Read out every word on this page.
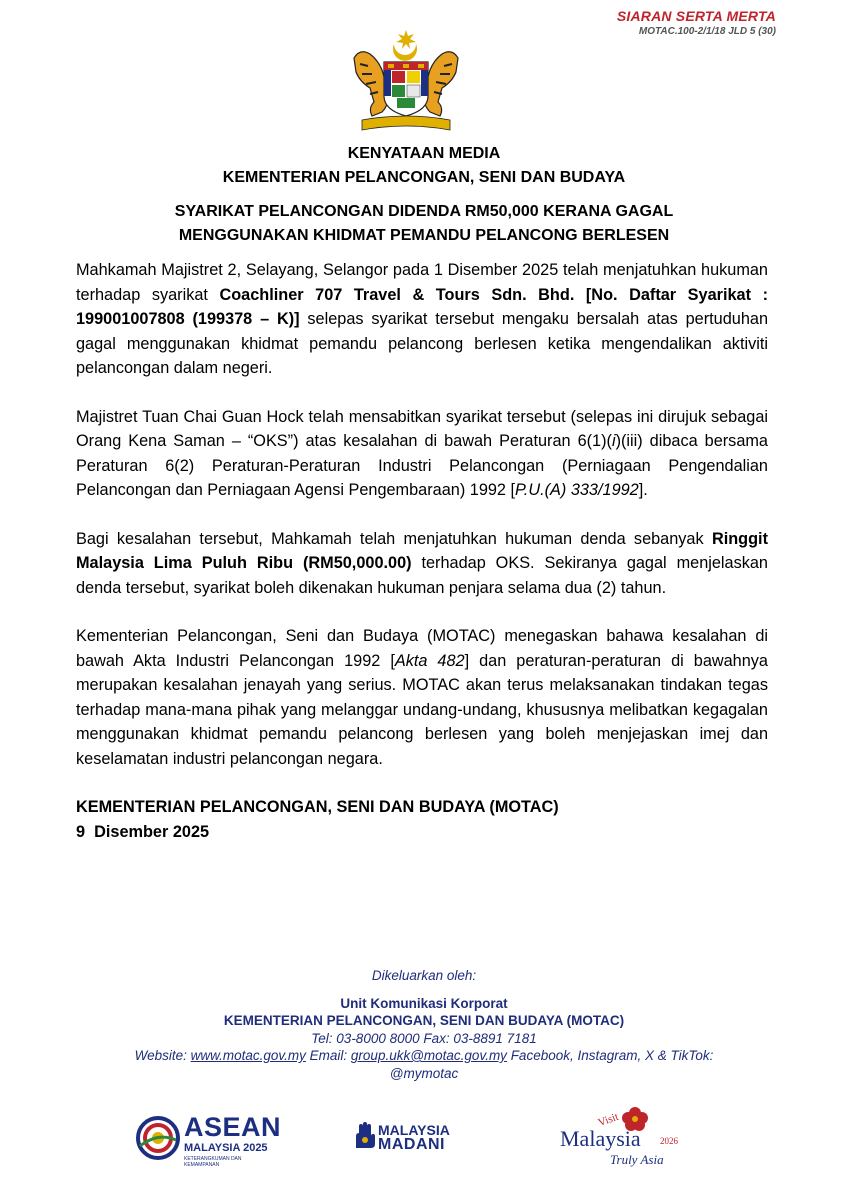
SIARAN SERTA MERTA
MOTAC.100-2/1/18 JLD 5 (30)
KENYATAAN MEDIA
KEMENTERIAN PELANCONGAN, SENI DAN BUDAYA
SYARIKAT PELANCONGAN DIDENDA RM50,000 KERANA GAGAL
MENGGUNAKAN KHIDMAT PEMANDU PELANCONG BERLESEN

Mahkamah Majistret 2, Selayang, Selangor pada 1 Disember 2025 telah menjatuhkan hukuman terhadap syarikat Coachliner 707 Travel & Tours Sdn. Bhd. [No. Daftar Syarikat : 199001007808 (199378 – K)] selepas syarikat tersebut mengaku bersalah atas pertuduhan gagal menggunakan khidmat pemandu pelancong berlesen ketika mengendalikan aktiviti pelancongan dalam negeri.

Majistret Tuan Chai Guan Hock telah mensabitkan syarikat tersebut (selepas ini dirujuk sebagai Orang Kena Saman – “OKS”) atas kesalahan di bawah Peraturan 6(1)(i)(iii) dibaca bersama Peraturan 6(2) Peraturan-Peraturan Industri Pelancongan (Perniagaan Pengendalian Pelancongan dan Perniagaan Agensi Pengembaraan) 1992 [P.U.(A) 333/1992].

Bagi kesalahan tersebut, Mahkamah telah menjatuhkan hukuman denda sebanyak Ringgit Malaysia Lima Puluh Ribu (RM50,000.00) terhadap OKS. Sekiranya gagal menjelaskan denda tersebut, syarikat boleh dikenakan hukuman penjara selama dua (2) tahun.

Kementerian Pelancongan, Seni dan Budaya (MOTAC) menegaskan bahawa kesalahan di bawah Akta Industri Pelancongan 1992 [Akta 482] dan peraturan-peraturan di bawahnya merupakan kesalahan jenayah yang serius. MOTAC akan terus melaksanakan tindakan tegas terhadap mana-mana pihak yang melanggar undang-undang, khususnya melibatkan kegagalan menggunakan khidmat pemandu pelancong berlesen yang boleh menjejaskan imej dan keselamatan industri pelancongan negara.

KEMENTERIAN PELANCONGAN, SENI DAN BUDAYA (MOTAC)
9  Disember 2025
Dikeluarkan oleh:
Unit Komunikasi Korporat
KEMENTERIAN PELANCONGAN, SENI DAN BUDAYA (MOTAC)
Tel: 03-8000 8000 Fax: 03-8891 7181
Website: www.motac.gov.my Email: group.ukk@motac.gov.my Facebook, Instagram, X & TikTok:
@mymotac
ASEAN
MALAYSIA 2025
KETERANGKUMAN DAN KEMAMPANAN
MALAYSIA
MADANI
Visit
Malaysia 2026
Truly Asia
